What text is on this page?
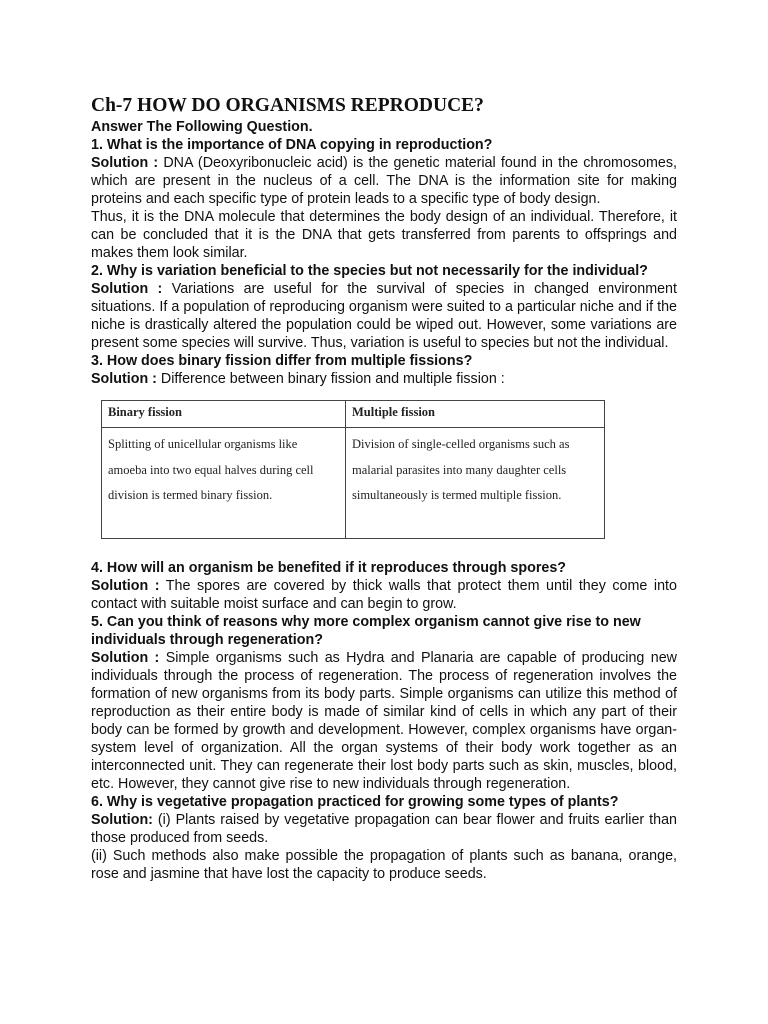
Ch-7 HOW DO ORGANISMS REPRODUCE?

Answer The Following Question.

1. What is the importance of DNA copying in reproduction?

Solution : DNA (Deoxyribonucleic acid) is the genetic material found in the chromosomes, which are present in the nucleus of a cell. The DNA is the information site for making proteins and each specific type of protein leads to a specific type of body design.

Thus, it is the DNA molecule that determines the body design of an individual. Therefore, it can be concluded that it is the DNA that gets transferred from parents to offsprings and makes them look similar.

2. Why is variation beneficial to the species but not necessarily for the individual?

Solution : Variations are useful for the survival of species in changed environment situations. If a population of reproducing organism were suited to a particular niche and if the niche is drastically altered the population could be wiped out. However, some variations are present some species will survive. Thus, variation is useful to species but not the individual.

3. How does binary fission differ from multiple fissions?

Solution : Difference between binary fission and multiple fission :

Binary fission	Multiple fission
Splitting of unicellular organisms like amoeba into two equal halves during cell division is termed binary fission.	Division of single-celled organisms such as malarial parasites into many daughter cells simultaneously is termed multiple fission.

4. How will an organism be benefited if it reproduces through spores?

Solution : The spores are covered by thick walls that protect them until they come into contact with suitable moist surface and can begin to grow.

5. Can you think of reasons why more complex organism cannot give rise to new individuals through regeneration?

Solution : Simple organisms such as Hydra and Planaria are capable of producing new individuals through the process of regeneration. The process of regeneration involves the formation of new organisms from its body parts. Simple organisms can utilize this method of reproduction as their entire body is made of similar kind of cells in which any part of their body can be formed by growth and development. However, complex organisms have organ-system level of organization. All the organ systems of their body work together as an interconnected unit. They can regenerate their lost body parts such as skin, muscles, blood, etc. However, they cannot give rise to new individuals through regeneration.

6. Why is vegetative propagation practiced for growing some types of plants?

Solution: (i) Plants raised by vegetative propagation can bear flower and fruits earlier than those produced from seeds.

(ii) Such methods also make possible the propagation of plants such as banana, orange, rose and jasmine that have lost the capacity to produce seeds.
